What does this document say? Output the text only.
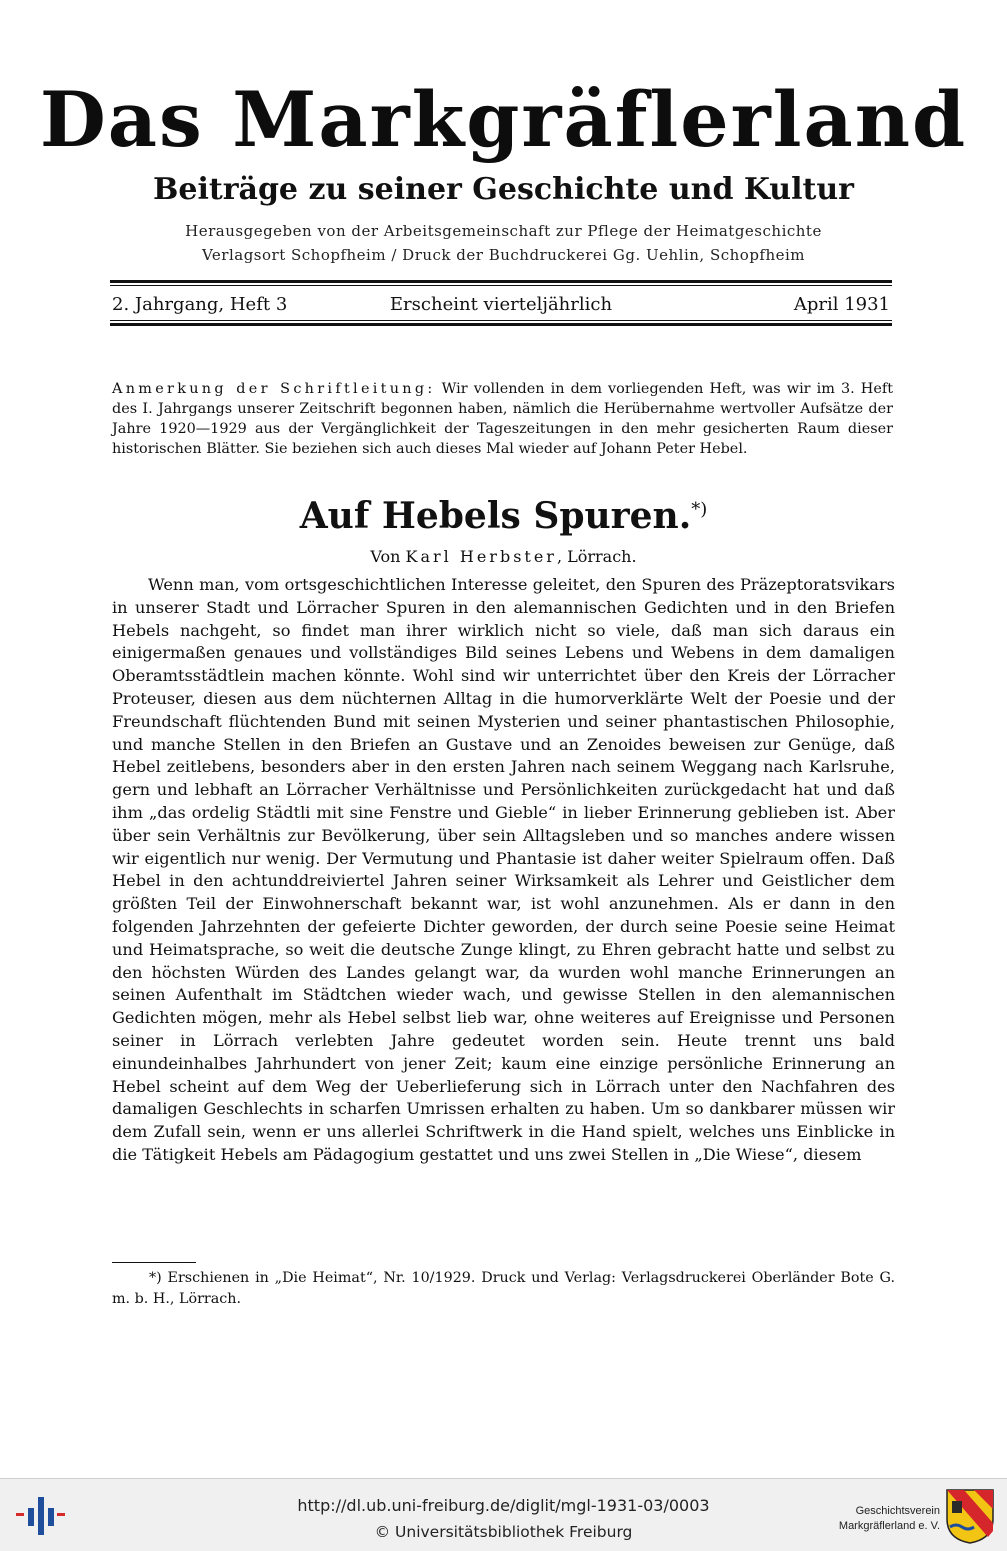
Das Markgräflerland
Beiträge zu seiner Geschichte und Kultur
Herausgegeben von der Arbeitsgemeinschaft zur Pflege der Heimatgeschichte
Verlagsort Schopfheim / Druck der Buchdruckerei Gg. Uehlin, Schopfheim
2. Jahrgang, Heft 3	Erscheint vierteljährlich	April 1931

Anmerkung der Schriftleitung: Wir vollenden in dem vorliegenden Heft, was wir im 3. Heft des I. Jahrgangs unserer Zeitschrift begonnen haben, nämlich die Herübernahme wertvoller Aufsätze der Jahre 1920—1929 aus der Vergänglichkeit der Tageszeitungen in den mehr gesicherten Raum dieser historischen Blätter. Sie beziehen sich auch dieses Mal wieder auf Johann Peter Hebel.

Auf Hebels Spuren.*)
Von Karl Herbster, Lörrach.

Wenn man, vom ortsgeschichtlichen Interesse geleitet, den Spuren des Präzeptoratsvikars in unserer Stadt und Lörracher Spuren in den alemannischen Gedichten und in den Briefen Hebels nachgeht, so findet man ihrer wirklich nicht so viele, daß man sich daraus ein einigermaßen genaues und vollständiges Bild seines Lebens und Webens in dem damaligen Oberamtsstädtlein machen könnte. Wohl sind wir unterrichtet über den Kreis der Lörracher Proteuser, diesen aus dem nüchternen Alltag in die humorverklärte Welt der Poesie und der Freundschaft flüchtenden Bund mit seinen Mysterien und seiner phantastischen Philosophie, und manche Stellen in den Briefen an Gustave und an Zenoides beweisen zur Genüge, daß Hebel zeitlebens, besonders aber in den ersten Jahren nach seinem Weggang nach Karlsruhe, gern und lebhaft an Lörracher Verhältnisse und Persönlichkeiten zurückgedacht hat und daß ihm „das ordelig Städtli mit sine Fenstre und Gieble“ in lieber Erinnerung geblieben ist. Aber über sein Verhältnis zur Bevölkerung, über sein Alltagsleben und so manches andere wissen wir eigentlich nur wenig. Der Vermutung und Phantasie ist daher weiter Spielraum offen. Daß Hebel in den achtunddreiviertel Jahren seiner Wirksamkeit als Lehrer und Geistlicher dem größten Teil der Einwohnerschaft bekannt war, ist wohl anzunehmen. Als er dann in den folgenden Jahrzehnten der gefeierte Dichter geworden, der durch seine Poesie seine Heimat und Heimatsprache, so weit die deutsche Zunge klingt, zu Ehren gebracht hatte und selbst zu den höchsten Würden des Landes gelangt war, da wurden wohl manche Erinnerungen an seinen Aufenthalt im Städtchen wieder wach, und gewisse Stellen in den alemannischen Gedichten mögen, mehr als Hebel selbst lieb war, ohne weiteres auf Ereignisse und Personen seiner in Lörrach verlebten Jahre gedeutet worden sein. Heute trennt uns bald einundeinhalbes Jahrhundert von jener Zeit; kaum eine einzige persönliche Erinnerung an Hebel scheint auf dem Weg der Ueberlieferung sich in Lörrach unter den Nachfahren des damaligen Geschlechts in scharfen Umrissen erhalten zu haben. Um so dankbarer müssen wir dem Zufall sein, wenn er uns allerlei Schriftwerk in die Hand spielt, welches uns Einblicke in die Tätigkeit Hebels am Pädagogium gestattet und uns zwei Stellen in „Die Wiese“, diesem

*) Erschienen in „Die Heimat“, Nr. 10/1929. Druck und Verlag: Verlagsdruckerei Oberländer Bote G. m. b. H., Lörrach.

http://dl.ub.uni-freiburg.de/diglit/mgl-1931-03/0003
© Universitätsbibliothek Freiburg
Geschichtsverein
Markgräflerland e. V.
